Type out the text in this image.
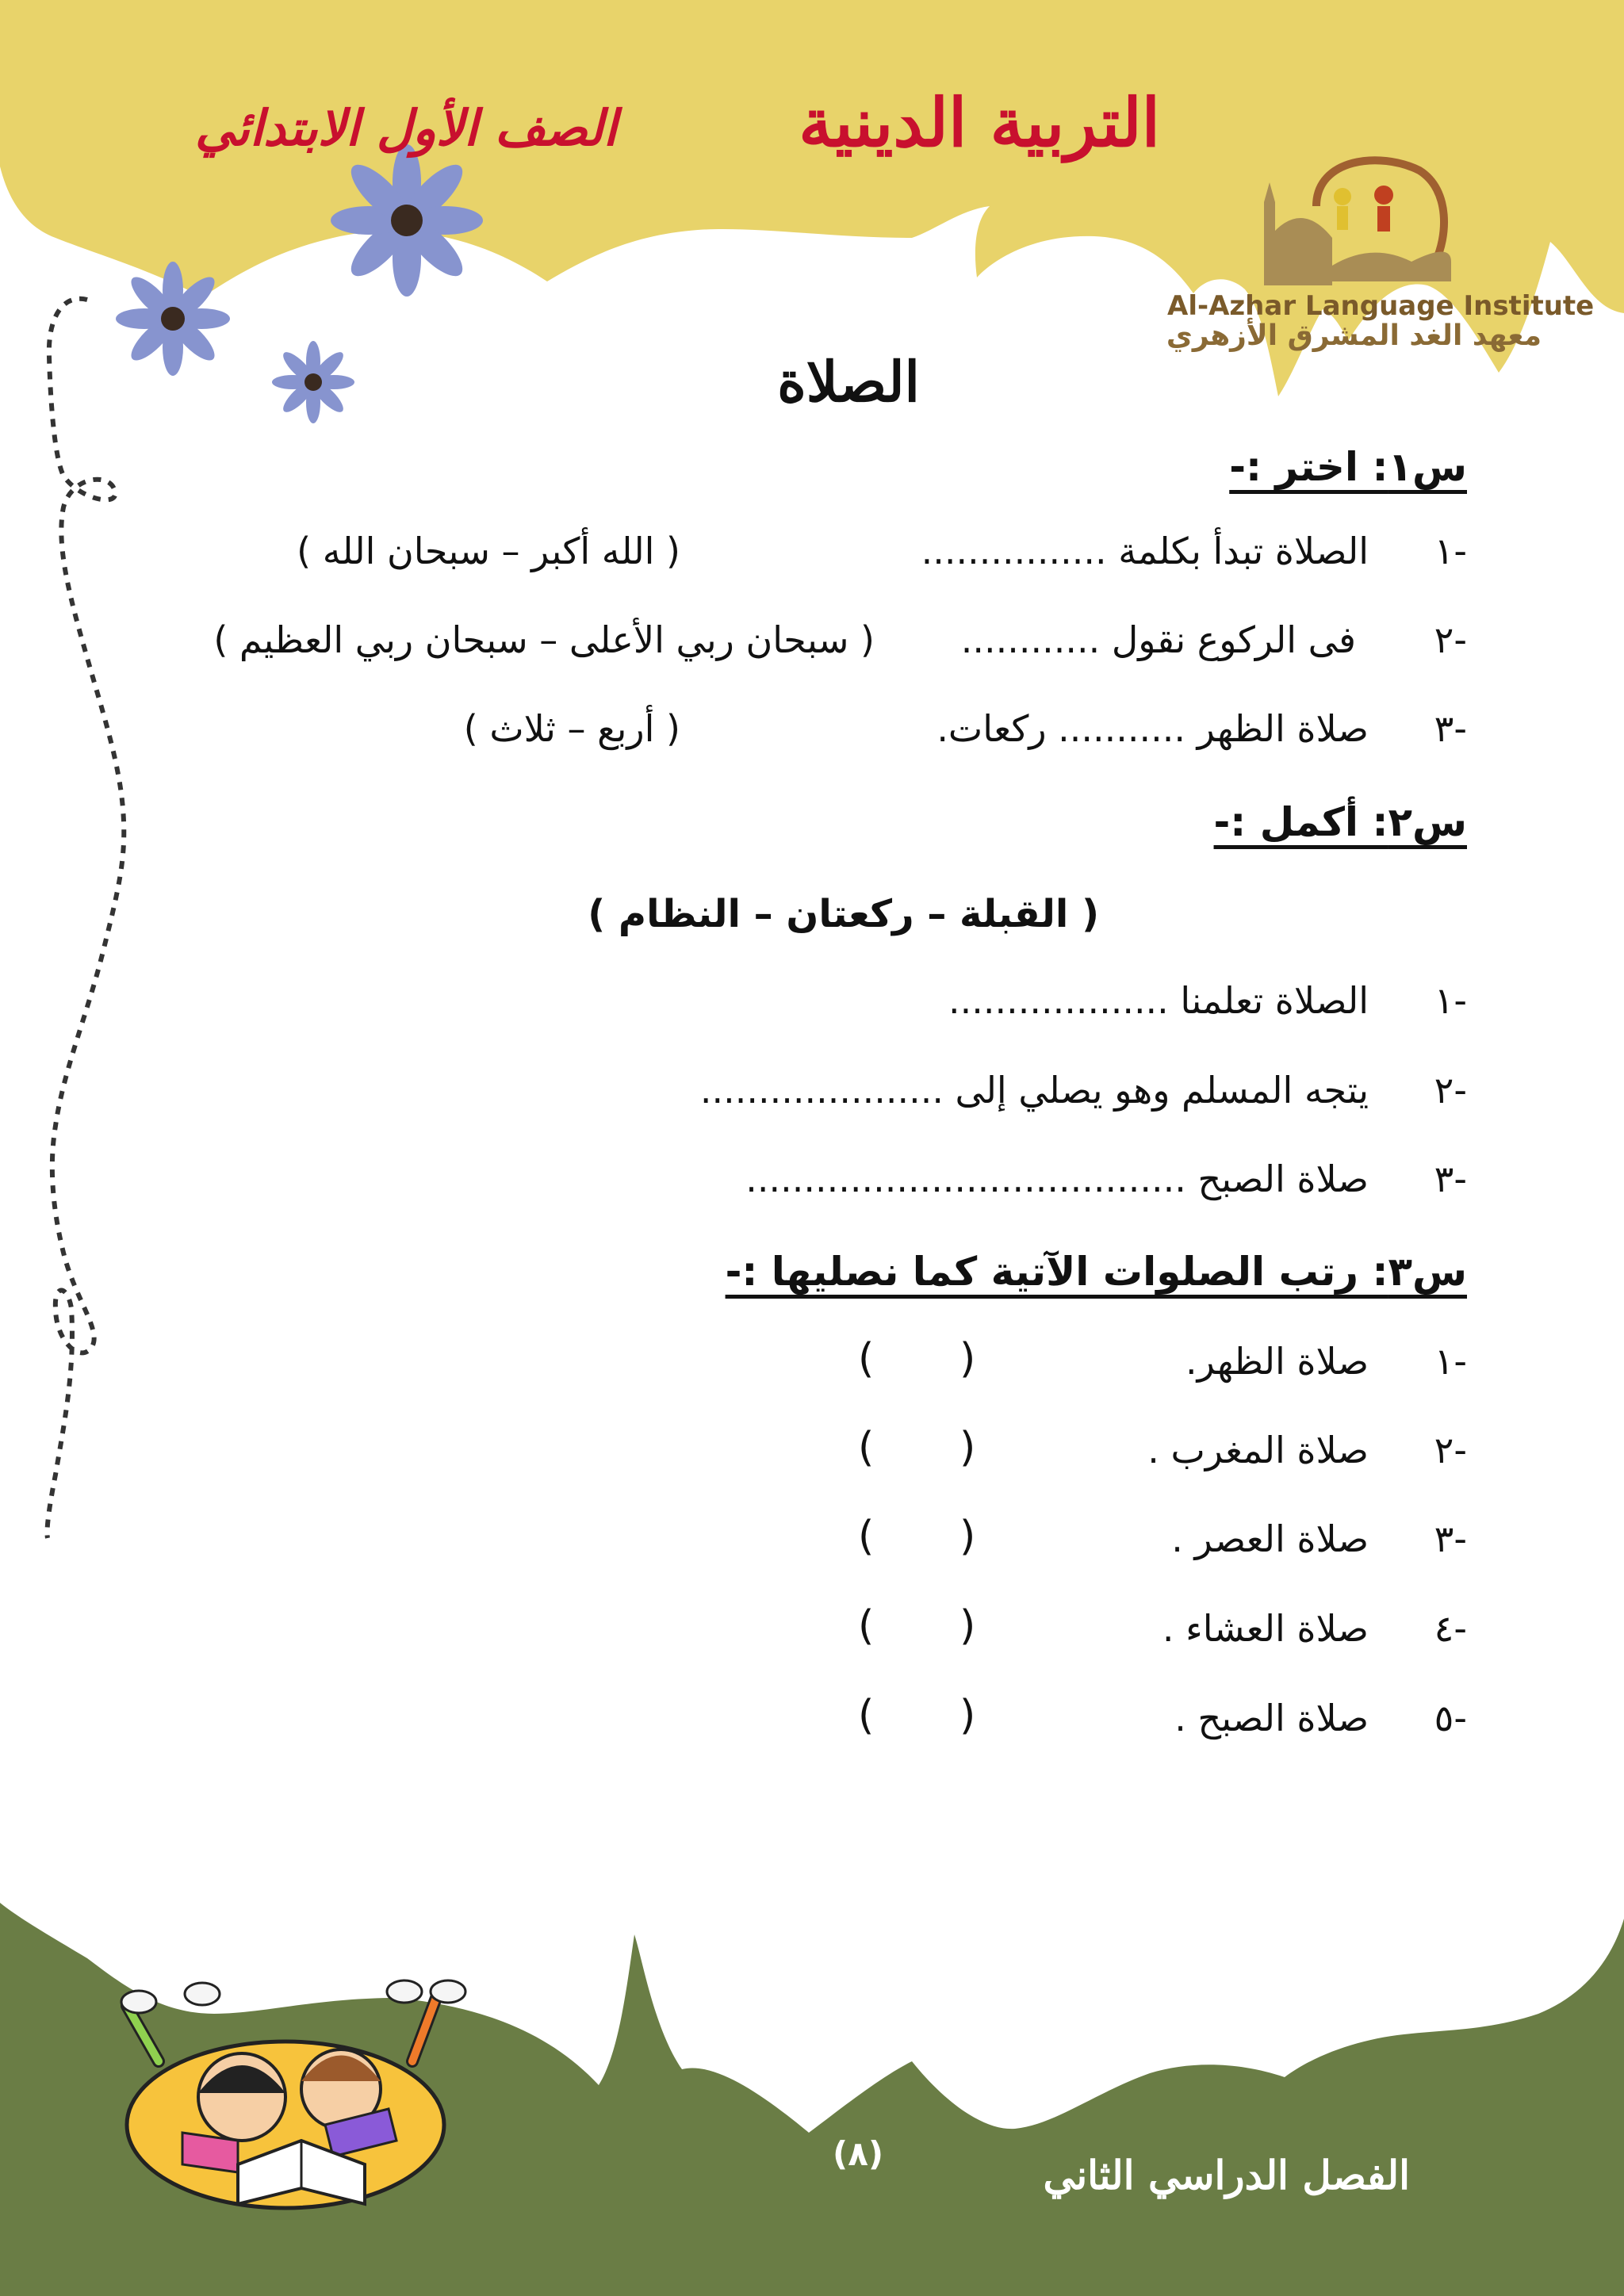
التربية الدينية
الصف الأول الابتدائي
Al-Azhar Language Institute
معهد الغد المشرق الأزهري
الصلاة
س١: اختر :-
١-
الصلاة تبدأ بكلمة ................
( الله أكبر – سبحان الله )
٢-
فى الركوع نقول ............
( سبحان ربي الأعلى – سبحان ربي العظيم )
٣-
صلاة الظهر ........... ركعات.
( أربع – ثلاث )
س٢: أكمل :-
( القبلة – ركعتان – النظام )
١-
الصلاة تعلمنا ...................
٢-
يتجه المسلم وهو يصلي إلى .....................
٣-
صلاة الصبح ......................................
س٣: رتب الصلوات الآتية كما نصليها :-
١-
صلاة الظهر.
)
(
٢-
صلاة المغرب .
)
(
٣-
صلاة العصر .
)
(
٤-
صلاة العشاء .
)
(
٥-
صلاة الصبح .
)
(
(٨)	الفصل الدراسي الثاني
